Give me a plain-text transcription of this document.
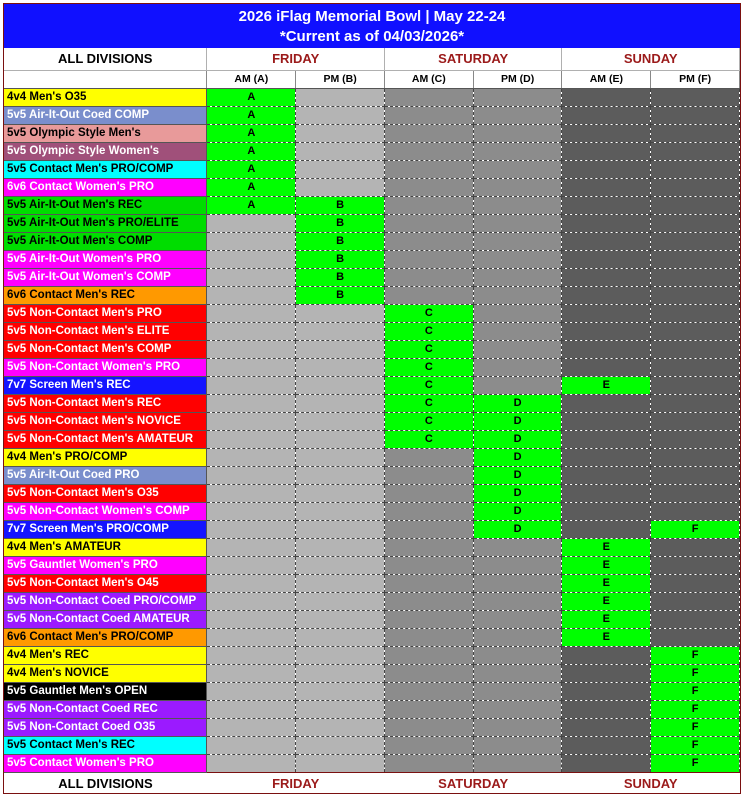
2026 iFlag Memorial Bowl | May 22-24
*Current as of 04/03/2026*
ALL DIVISIONS	FRIDAY		SATURDAY		SUNDAY	
	AM (A)	PM (B)	AM (C)	PM (D)	AM (E)	PM (F)
4v4 Men's O35	A					
5v5 Air-It-Out Coed COMP	A					
5v5 Olympic Style Men's	A					
5v5 Olympic Style Women's	A					
5v5 Contact Men's PRO/COMP	A					
6v6 Contact Women's PRO	A					
5v5 Air-It-Out Men's REC	A	B				
5v5 Air-It-Out Men's PRO/ELITE		B				
5v5 Air-It-Out Men's COMP		B				
5v5 Air-It-Out Women's PRO		B				
5v5 Air-It-Out Women's COMP		B				
6v6 Contact Men's REC		B				
5v5 Non-Contact Men's PRO			C			
5v5 Non-Contact Men's ELITE			C			
5v5 Non-Contact Men's COMP			C			
5v5 Non-Contact Women's PRO			C			
7v7 Screen Men's REC			C		E	
5v5 Non-Contact Men's REC			C	D		
5v5 Non-Contact Men's NOVICE			C	D		
5v5 Non-Contact Men's AMATEUR			C	D		
4v4 Men's PRO/COMP				D		
5v5 Air-It-Out Coed PRO				D		
5v5 Non-Contact Men's O35				D		
5v5 Non-Contact Women's COMP				D		
7v7 Screen Men's PRO/COMP				D		F
4v4 Men's AMATEUR					E	
5v5 Gauntlet Women's PRO					E	
5v5 Non-Contact Men's O45					E	
5v5 Non-Contact Coed PRO/COMP					E	
5v5 Non-Contact Coed AMATEUR					E	
6v6 Contact Men's PRO/COMP					E	
4v4 Men's REC						F
4v4 Men's NOVICE						F
5v5 Gauntlet Men's OPEN						F
5v5 Non-Contact Coed REC						F
5v5 Non-Contact Coed O35						F
5v5 Contact Men's REC						F
5v5 Contact Women's PRO						F
ALL DIVISIONS	FRIDAY		SATURDAY		SUNDAY	
